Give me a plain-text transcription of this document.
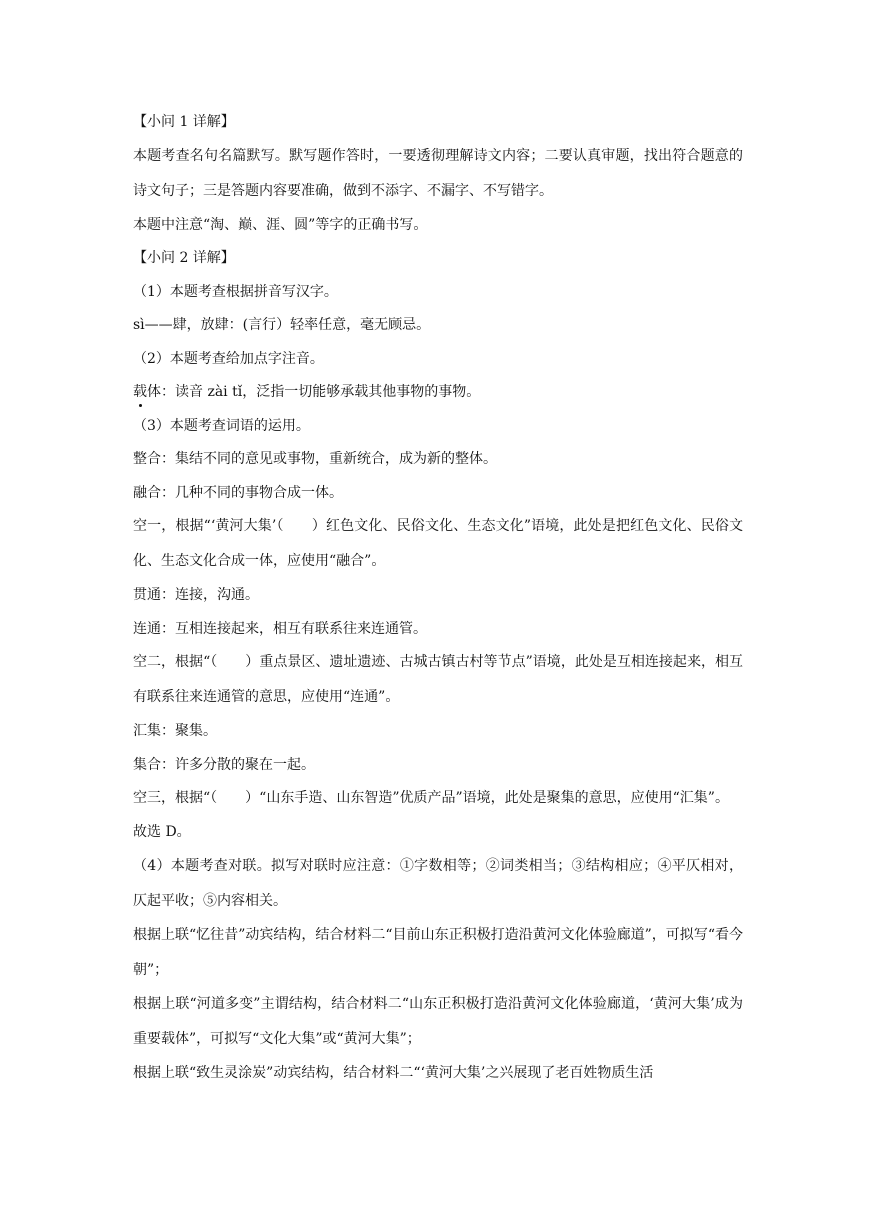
【小问 1 详解】

本题考查名句名篇默写。默写题作答时，一要透彻理解诗文内容；二要认真审题，找出符合题意的诗文句子；三是答题内容要准确，做到不添字、不漏字、不写错字。

本题中注意“淘、巅、涯、圆”等字的正确书写。

【小问 2 详解】

（1）本题考查根据拼音写汉字。

sì——肆，放肆：(言行）轻率任意，毫无顾忌。

（2）本题考查给加点字注音。

载体：读音 zài tǐ，泛指一切能够承载其他事物的事物。

（3）本题考查词语的运用。

整合：集结不同的意见或事物，重新统合，成为新的整体。

融合：几种不同的事物合成一体。

空一，根据“‘黄河大集’（　　）红色文化、民俗文化、生态文化”语境，此处是把红色文化、民俗文化、生态文化合成一体，应使用“融合”。

贯通：连接，沟通。

连通：互相连接起来，相互有联系往来连通管。

空二，根据“（　　）重点景区、遗址遗迹、古城古镇古村等节点”语境，此处是互相连接起来，相互有联系往来连通管的意思，应使用“连通”。

汇集：聚集。

集合：许多分散的聚在一起。

空三，根据“（　　）“山东手造、山东智造”优质产品”语境，此处是聚集的意思，应使用“汇集”。

故选 D。

（4）本题考查对联。拟写对联时应注意：①字数相等；②词类相当；③结构相应；④平仄相对，仄起平收；⑤内容相关。

根据上联“忆往昔”动宾结构，结合材料二“目前山东正积极打造沿黄河文化体验廊道”，可拟写“看今朝”；

根据上联“河道多变”主谓结构，结合材料二“山东正积极打造沿黄河文化体验廊道，‘黄河大集’成为重要载体”，可拟写“文化大集”或“黄河大集”；

根据上联“致生灵涂炭”动宾结构，结合材料二“‘黄河大集’之兴展现了老百姓物质生活
